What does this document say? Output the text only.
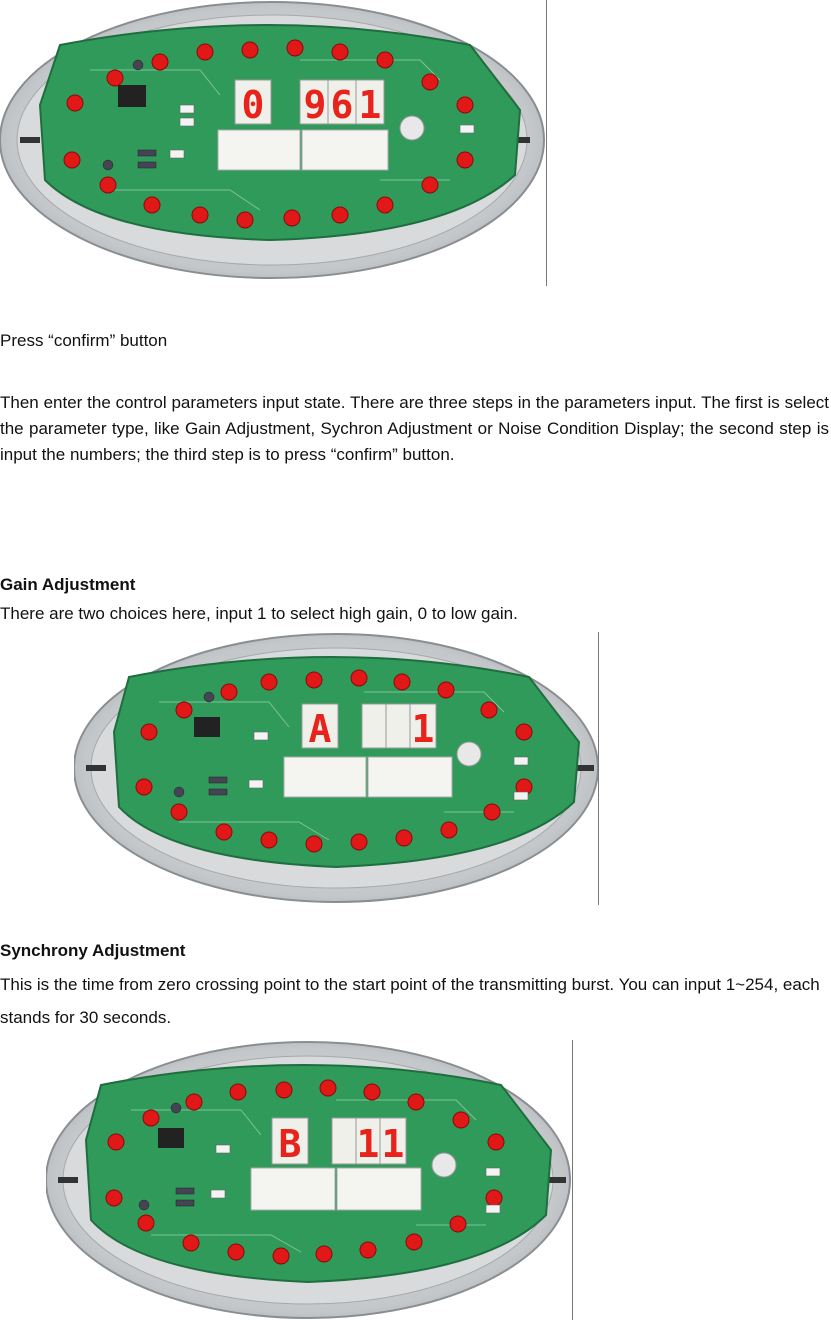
0 9 6 1
Press “confirm” button
Then enter the control parameters input state. There are three steps in the parameters input. The first is select the parameter type, like Gain Adjustment, Sychron Adjustment or Noise Condition Display; the second step is input the numbers; the third step is to press “confirm” button.
Gain Adjustment
There are two choices here, input 1 to select high gain, 0 to low gain.
A 1
Synchrony Adjustment
This is the time from zero crossing point to the start point of the transmitting burst. You can input 1~254, each stands for 30 seconds.
B 1 1
